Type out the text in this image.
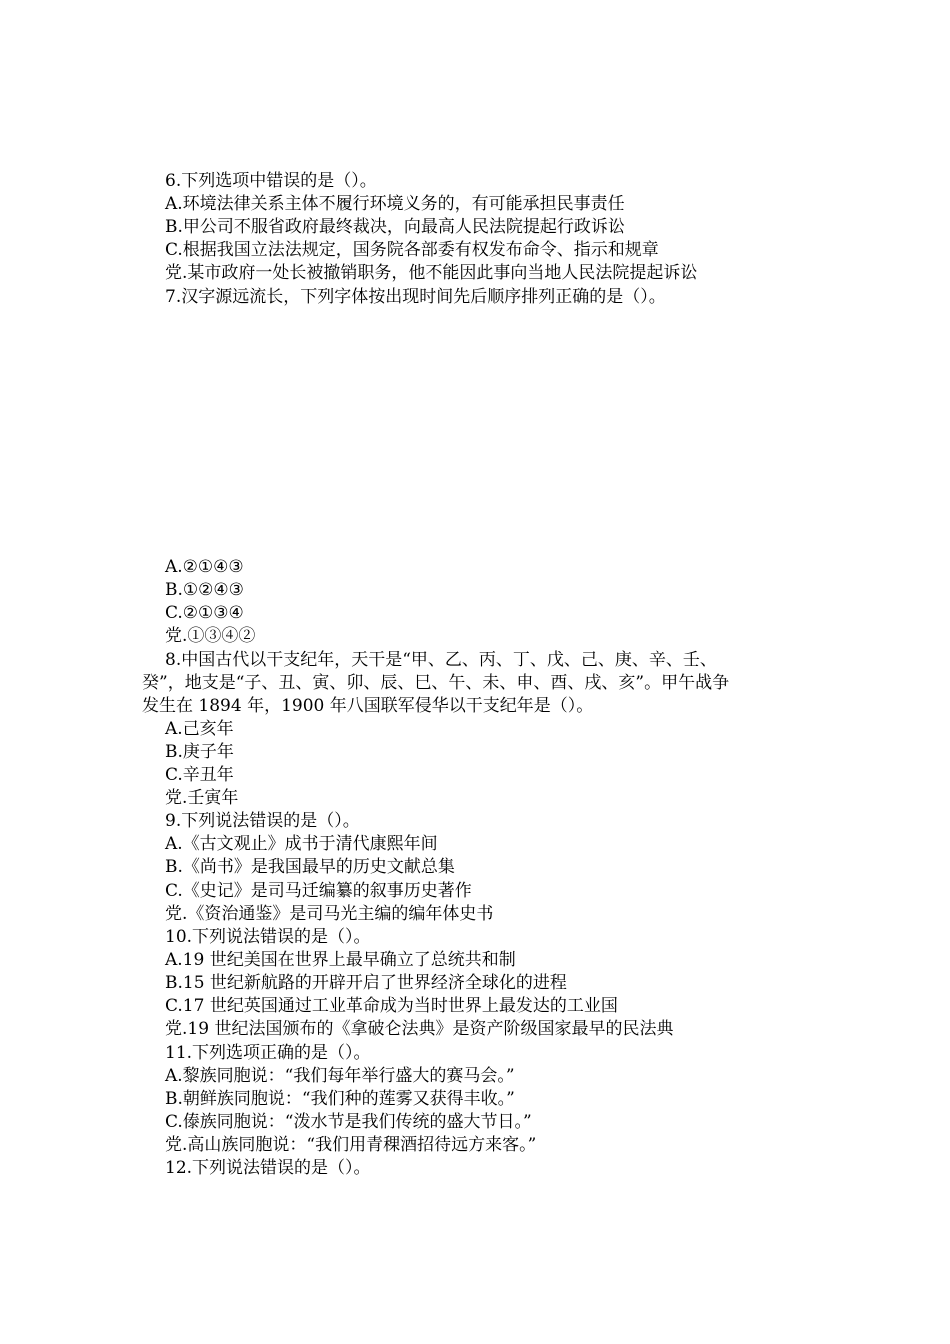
6.下列选项中错误的是（）。
A.环境法律关系主体不履行环境义务的，有可能承担民事责任
B.甲公司不服省政府最终裁决，向最高人民法院提起行政诉讼
C.根据我国立法法规定，国务院各部委有权发布命令、指示和规章
党.某市政府一处长被撤销职务，他不能因此事向当地人民法院提起诉讼
7.汉字源远流长，下列字体按出现时间先后顺序排列正确的是（）。
A.②①④③
B.①②④③
C.②①③④
党.①③④②
8.中国古代以干支纪年，天干是“甲、乙、丙、丁、戊、己、庚、辛、壬、
癸”，地支是“子、丑、寅、卯、辰、巳、午、未、申、酉、戌、亥”。甲午战争
发生在 1894 年，1900 年八国联军侵华以干支纪年是（）。
A.己亥年
B.庚子年
C.辛丑年
党.壬寅年
9.下列说法错误的是（）。
A.《古文观止》成书于清代康熙年间
B.《尚书》是我国最早的历史文献总集
C.《史记》是司马迁编纂的叙事历史著作
党.《资治通鉴》是司马光主编的编年体史书
10.下列说法错误的是（）。
A.19 世纪美国在世界上最早确立了总统共和制
B.15 世纪新航路的开辟开启了世界经济全球化的进程
C.17 世纪英国通过工业革命成为当时世界上最发达的工业国
党.19 世纪法国颁布的《拿破仑法典》是资产阶级国家最早的民法典
11.下列选项正确的是（）。
A.黎族同胞说：“我们每年举行盛大的赛马会。”
B.朝鲜族同胞说：“我们种的莲雾又获得丰收。”
C.傣族同胞说：“泼水节是我们传统的盛大节日。”
党.高山族同胞说：“我们用青稞酒招待远方来客。”
12.下列说法错误的是（）。
